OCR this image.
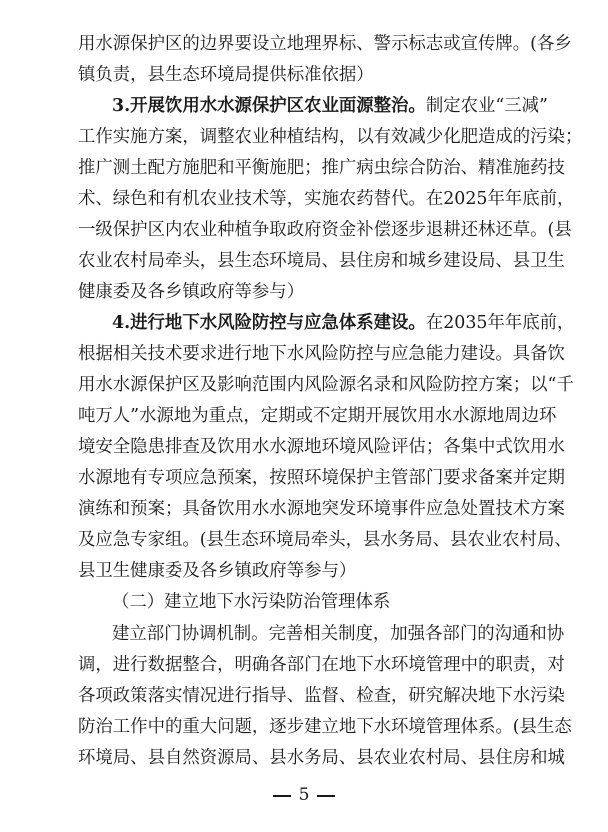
用水源保护区的边界要设立地理界标、警示标志或宣传牌。(各乡
镇负责，县生态环境局提供标准依据）
3.开展饮用水水源保护区农业面源整治。制定农业“三减”
工作实施方案，调整农业种植结构，以有效减少化肥造成的污染；
推广测土配方施肥和平衡施肥；推广病虫综合防治、精准施药技
术、绿色和有机农业技术等，实施农药替代。在2025年年底前，
一级保护区内农业种植争取政府资金补偿逐步退耕还林还草。(县
农业农村局牵头，县生态环境局、县住房和城乡建设局、县卫生
健康委及各乡镇政府等参与）
4.进行地下水风险防控与应急体系建设。在2035年年底前，
根据相关技术要求进行地下水风险防控与应急能力建设。具备饮
用水水源保护区及影响范围内风险源名录和风险防控方案；以“千
吨万人”水源地为重点，定期或不定期开展饮用水水源地周边环
境安全隐患排查及饮用水水源地环境风险评估；各集中式饮用水
水源地有专项应急预案，按照环境保护主管部门要求备案并定期
演练和预案；具备饮用水水源地突发环境事件应急处置技术方案
及应急专家组。(县生态环境局牵头，县水务局、县农业农村局、
县卫生健康委及各乡镇政府等参与）
（二）建立地下水污染防治管理体系
建立部门协调机制。完善相关制度，加强各部门的沟通和协
调，进行数据整合，明确各部门在地下水环境管理中的职责，对
各项政策落实情况进行指导、监督、检查，研究解决地下水污染
防治工作中的重大问题，逐步建立地下水环境管理体系。(县生态
环境局、县自然资源局、县水务局、县农业农村局、县住房和城
5
